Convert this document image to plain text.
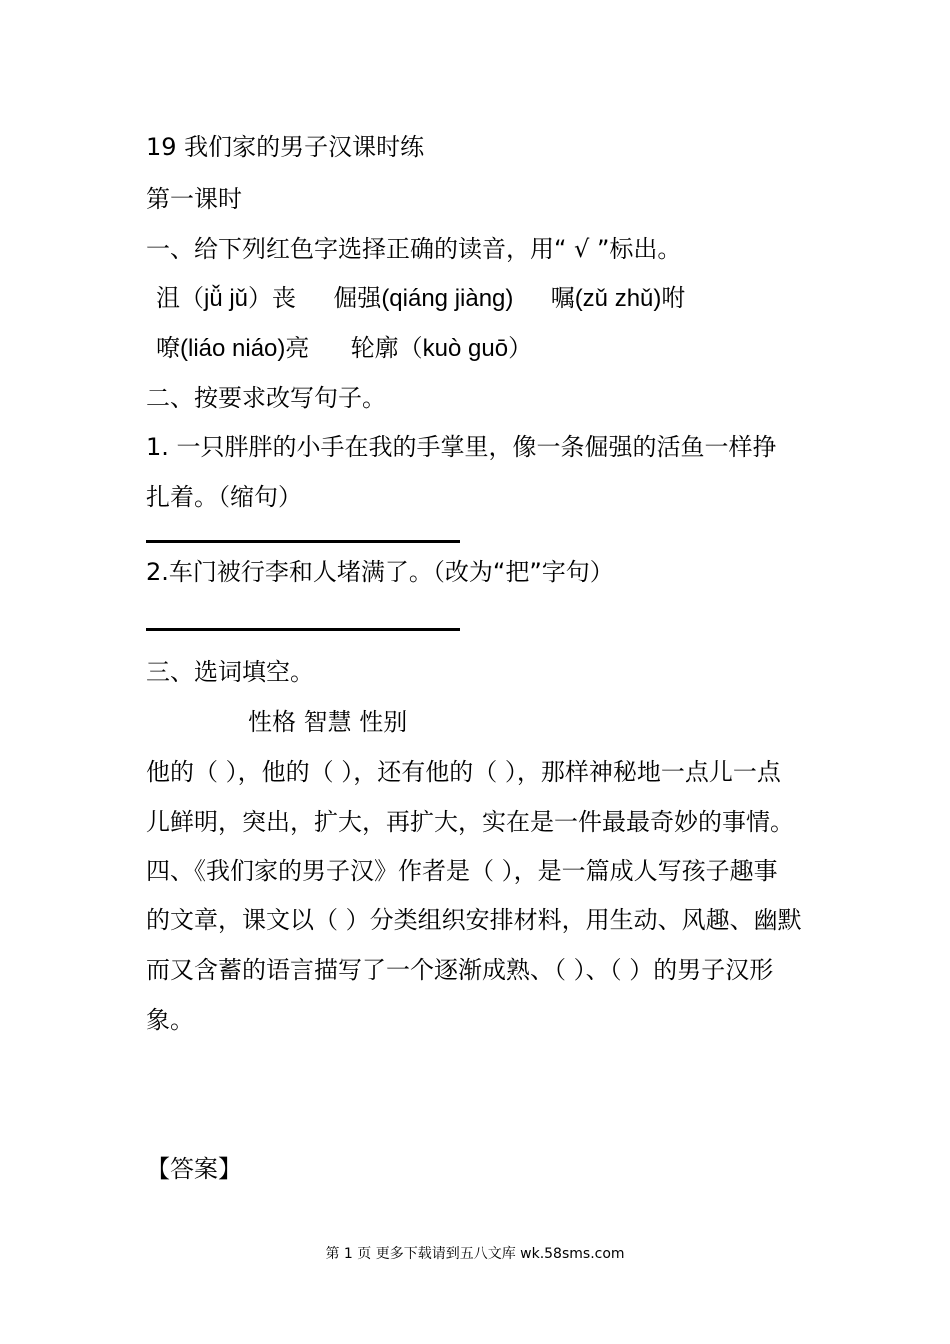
19 我们家的男子汉课时练
第一课时
一、给下列红色字选择正确的读音，用“ √ ”标出。
沮（jǚ jǔ）丧 倔强(qiáng jiàng) 嘱(zǔ zhǔ)咐
嘹(liáo niáo)亮 轮廓（kuò guō）
二、按要求改写句子。
1. 一只胖胖的小手在我的手掌里，像一条倔强的活鱼一样挣
扎着。（缩句）
2.车门被行李和人堵满了。（改为“把”字句）
三、选词填空。
性格 智慧 性别
他的（ ），他的（ ），还有他的（ ），那样神秘地一点儿一点
儿鲜明，突出，扩大，再扩大，实在是一件最最奇妙的事情。
四、《我们家的男子汉》作者是（ ），是一篇成人写孩子趣事
的文章，课文以（ ）分类组织安排材料，用生动、风趣、幽默
而又含蓄的语言描写了一个逐渐成熟、（ ）、（ ）的男子汉形
象。
【答案】
第 1 页 更多下载请到五八文库 wk.58sms.com
